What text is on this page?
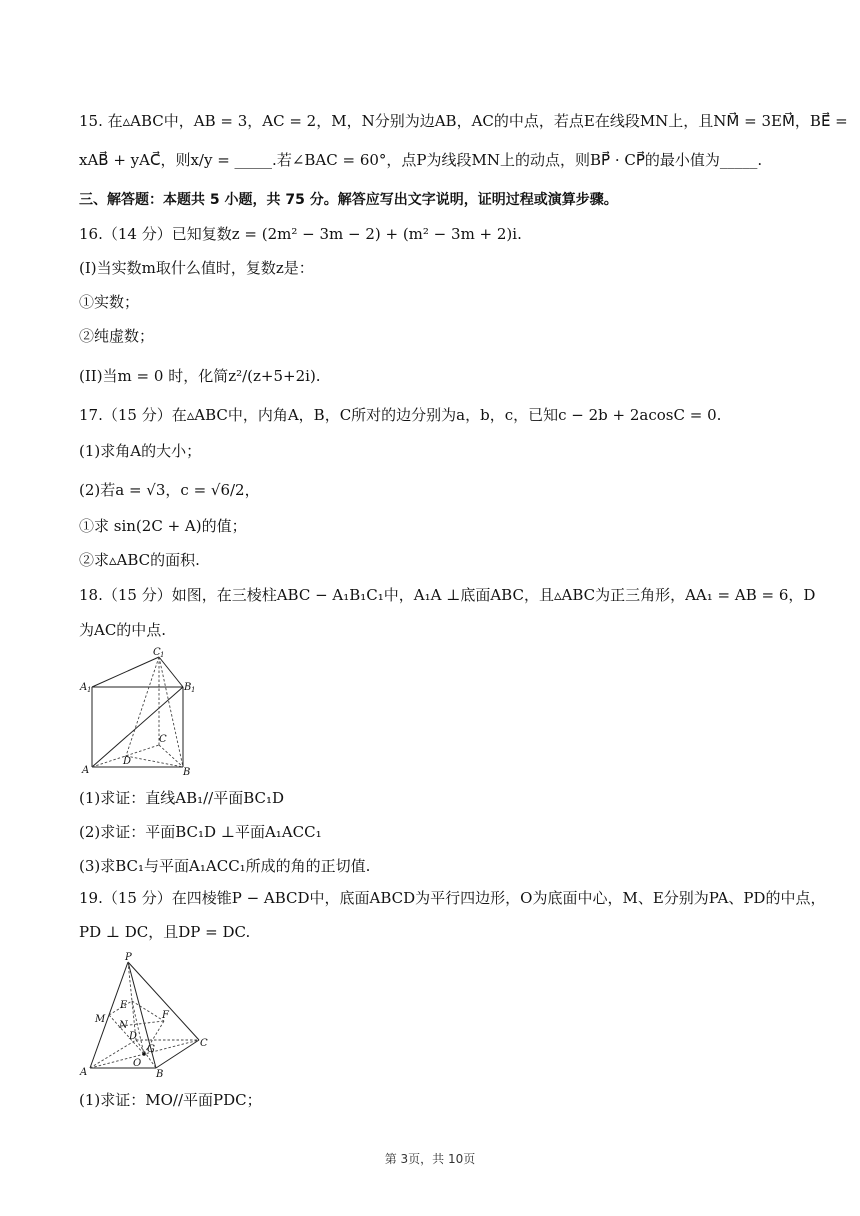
15. 在▵ABC中，AB = 3，AC = 2，M，N分别为边AB，AC的中点，若点E在线段MN上，且NM⃗ = 3EM⃗，BE⃗ =
xAB⃗ + yAC⃗，则x/y = _____.若∠BAC = 60°，点P为线段MN上的动点，则BP⃗ · CP⃗的最小值为_____.
三、解答题：本题共 5 小题，共 75 分。解答应写出文字说明，证明过程或演算步骤。
16.（14 分）已知复数z = (2m² − 3m − 2) + (m² − 3m + 2)i.
(I)当实数m取什么值时，复数z是：
①实数；
②纯虚数；
(II)当m = 0 时，化简z²/(z+5+2i).
17.（15 分）在▵ABC中，内角A，B，C所对的边分别为a，b，c，已知c − 2b + 2acosC = 0.
(1)求角A的大小；
(2)若a = √3，c = √6/2，
①求 sin(2C + A)的值；
②求▵ABC的面积.
18.（15 分）如图，在三棱柱ABC − A₁B₁C₁中，A₁A ⊥底面ABC，且▵ABC为正三角形，AA₁ = AB = 6，D
为AC的中点.
C 1
A 1	B 1
C
D
A	B
(1)求证：直线AB₁//平面BC₁D
(2)求证：平面BC₁D ⊥平面A₁ACC₁
(3)求BC₁与平面A₁ACC₁所成的角的正切值.
19.（15 分）在四棱锥P − ABCD中，底面ABCD为平行四边形，O为底面中心，M、E分别为PA、PD的中点，
PD ⊥ DC，且DP = DC.
P
E
F
M
N
D
G
C
O
A	B
(1)求证：MO//平面PDC；
第 3页，共 10页
